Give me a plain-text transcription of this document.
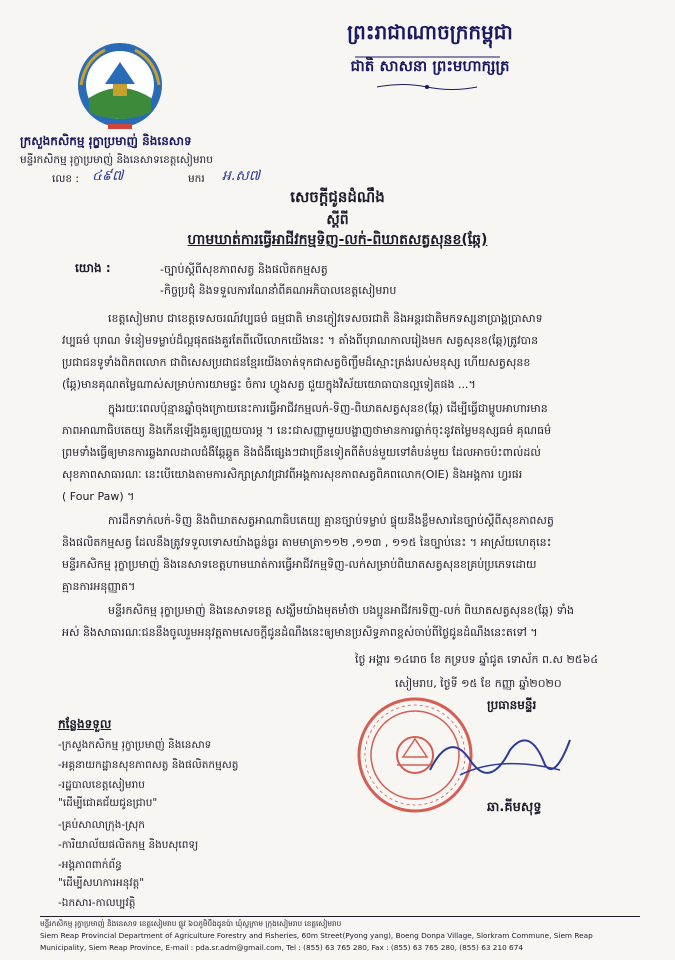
ព្រះរាជាណាចក្រកម្ពុជា
ជាតិ សាសនា ព្រះមហាក្សត្រ
ក្រសួងកសិកម្ម រុក្ខាប្រមាញ់ និងនេសាទ
មន្ទីរកសិកម្ម រុក្ខាប្រមាញ់ និងនេសាទខេត្តសៀមរាប
លេខ : ៤៩៧	មករ អ.ស៧
សេចក្តីជូនដំណឹង
ស្តីពី
ហាមឃាត់ការធ្វើអាជីវកម្មទិញ-លក់-ពិឃាតសត្វសុនខ(ឆ្កែ)
យោង :	-ច្បាប់ស្តីពីសុខភាពសត្វ និងផលិតកម្មសត្វ
-កិច្ចប្រជុំ និងទទួលការណែនាំពីគណអភិបាលខេត្តសៀមរាប
ខេត្តសៀមរាប ជាខេត្តទេសចរណ៍វប្បធម៌ ធម្មជាតិ មានភ្ញៀវទេសចរជាតិ និងអន្តរជាតិមកទស្សនាប្រាង្គប្រាសាទ
វប្បធម៌ បុរាណ ទំនៀមទម្លាប់ដ៏ល្អផុតផងគួរតែពីលើលោកយើងនេះ ។ តាំងពីបុរាណកាលរៀងមក សត្វសុនខ(ឆ្កែ)ត្រូវបាន
ប្រជាជនទូទាំងពិភពលោក ជាពិសេសប្រជាជនខ្មែរយើងចាត់ទុកជាសត្វចិញ្ចឹមដ៏ស្មោះត្រង់របស់មនុស្ស ហើយសត្វសុនខ
(ឆ្កែ)មានគុណតម្លៃណាស់សម្រាប់ការយាមផ្ទះ ចំការ ហ្វូងសត្វ ជួយក្នុងវិស័យយោធាបានល្អទៀតផង ...។
ក្នុងរយៈពេលប៉ុន្មានឆ្នាំចុងក្រោយនេះការធ្វើអាជីវកម្មលក់-ទិញ-ពិឃាតសត្វសុនខ(ឆ្កែ) ដើម្បីធ្វើជាម្ហូបអាហារមាន
ភាពអាណាធិបតេយ្យ និងកើនឡើងគួរឲ្យព្រួយបារម្ភ ។ នេះជាសញ្ញាមួយបង្ហាញថាមានការធ្លាក់ចុះនូវតម្លៃមនុស្សធម៌ គុណធម៌
ព្រមទាំងធ្វើឲ្យមានការឆ្លងរាលដាលជំងឺឆ្កែឆ្កួត និងជំងឺផ្សេងៗជាច្រើនទៀតពីតំបន់មួយទៅតំបន់មួយ ដែលអាចប៉ះពាល់ដល់
សុខភាពសាធារណៈ នេះបើយោងតាមការសិក្សាស្រាវជ្រាវពីអង្គការសុខភាពសត្វពិភពលោក(OIE) និងអង្គការ ហ្វរផរ
( Four Paw) ។
ការដឹកទាក់លក់-ទិញ និងពិឃាតសត្វអាណាធិបតេយ្យ គ្មានច្បាប់ទម្លាប់ ផ្ទុយនឹងខ្លឹមសារនៃច្បាប់ស្តីពីសុខភាពសត្វ
និងផលិតកម្មសត្វ ដែលនឹងត្រូវទទួលទោសយ៉ាងធ្ងន់ធ្ងរ តាមមាត្រា១១២ ,១១៣ , ១១៥ នៃច្បាប់នេះ ។ អាស្រ័យហេតុនេះ
មន្ទីរកសិកម្ម រុក្ខាប្រមាញ់ និងនេសាទខេត្តហាមឃាត់ការធ្វើអាជីវកម្មទិញ-លក់សម្រាប់ពិឃាតសត្វសុនខគ្រប់ប្រភេទដោយ
គ្មានការអនុញ្ញាត។
មន្ទីរកសិកម្ម រុក្ខាប្រមាញ់ និងនេសាទខេត្ត សង្ឃឹមយ៉ាងមុតមាំថា បងប្អូនអាជីវករទិញ-លក់ ពិឃាតសត្វសុនខ(ឆ្កែ) ទាំង
អស់ និងសាធារណៈជននឹងចូលរួមអនុវត្តតាមសេចក្តីជូនដំណឹងនេះឲ្យមានប្រសិទ្ធភាពខ្ពស់ចាប់ពីថ្ងៃជូនដំណឹងនេះតទៅ ។
ថ្ងៃ អង្គារ ១៤រោច ខែ ភទ្របទ ឆ្នាំជូត ទោស័ក ព.ស ២៥៦៤
សៀមរាប, ថ្ងៃទី ១៥ ខែ កញ្ញា ឆ្នាំ២០២០
ប្រធានមន្ទីរ
ឆា.គីមសុទ្ធ
កន្លែងទទួល
-ក្រសួងកសិកម្ម រុក្ខាប្រមាញ់ និងនេសាទ
-អគ្គនាយកដ្ឋានសុខភាពសត្វ និងផលិតកម្មសត្វ
-រដ្ឋបាលខេត្តសៀមរាប
"ដើម្បីជោគជ័យជូនជ្រាប"
-គ្រប់សាលាក្រុង-ស្រុក
-ការិយាល័យផលិតកម្ម និងបសុពេទ្យ
-អង្គភាពពាក់ព័ន្ធ
"ដើម្បីសហការអនុវត្ត"
-ឯកសារ-កាលប្បវត្តិ
មន្ទីរកសិកម្ម រុក្ខាប្រមាញ់ និងនេសាទ ខេត្តសៀមរាប ផ្លូវ ៦០ភូមិបឹងដូនប៉ា ឃុំស្លក្រាម ក្រុងសៀមរាប ខេត្តសៀមរាប
Siem Reap Provincial Department of Agriculture Forestry and Fisheries, 60m Street(Pyong yang), Boeng Donpa Village, Slorkram Commune, Siem Reap
Municipality, Siem Reap Province, E-mail : pda.sr.adm@gmail.com, Tel : (855) 63 765 280, Fax : (855) 63 765 280, (855) 63 210 674
